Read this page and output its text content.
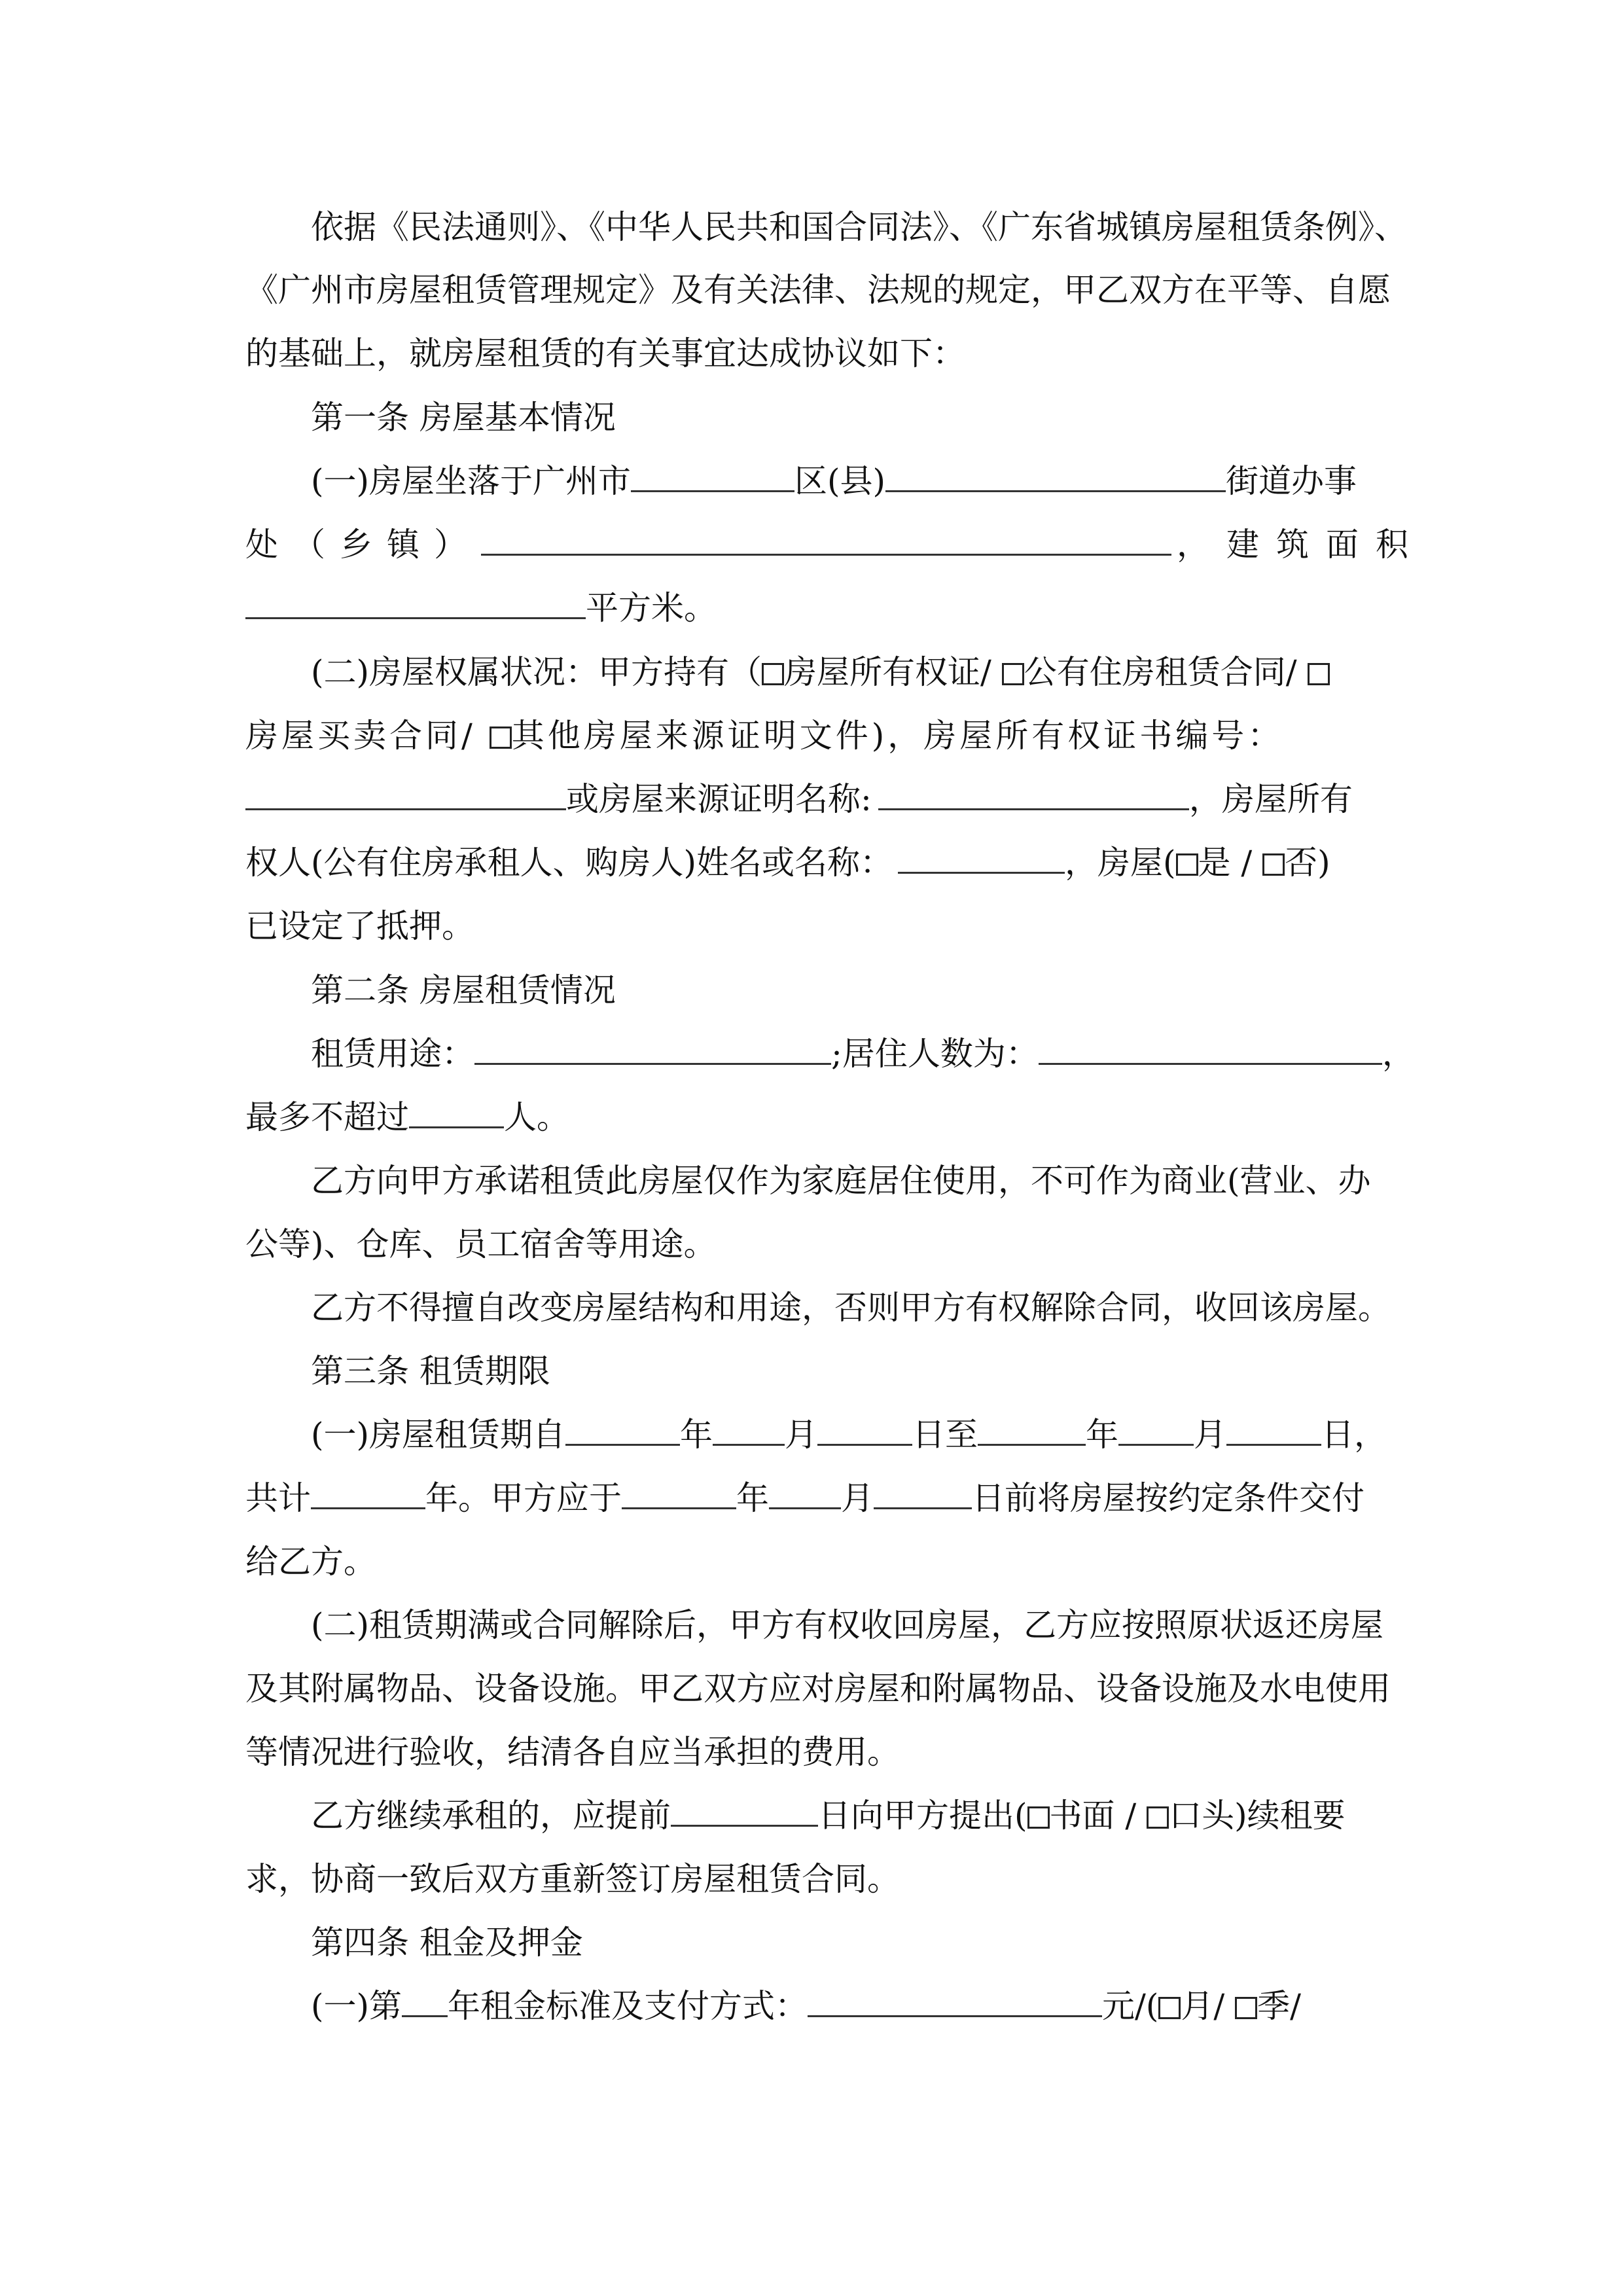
依据《民法通则》、《中华人民共和国合同法》、《广东省城镇房屋租赁条例》、

《广州市房屋租赁管理规定》及有关法律、法规的规定，甲乙双方在平等、自愿

的基础上，就房屋租赁的有关事宜达成协议如下：

第一条 房屋基本情况

(一)房屋坐落于广州市	区(县)	街道办事

处（乡镇）	，建筑面积

平方米。

(二)房屋权属状况：甲方持有（ 房屋所有权证/ 公有住房租赁合同/

房屋买卖合同/ 其他房屋来源证明文件)，房屋所有权证书编号：

或房屋来源证明名称:	，房屋所有

权人(公有住房承租人、购房人)姓名或名称：	，房屋( 是 / 否)

已设定了抵押。

第二条 房屋租赁情况

租赁用途：	;居住人数为：	，

最多不超过	人。

乙方向甲方承诺租赁此房屋仅作为家庭居住使用，不可作为商业(营业、办

公等)、仓库、员工宿舍等用途。

乙方不得擅自改变房屋结构和用途，否则甲方有权解除合同，收回该房屋。

第三条 租赁期限

(一)房屋租赁期自	年 月	日至	年 月	日，

共计	年。甲方应于	年 月	日前将房屋按约定条件交付

给乙方。

(二)租赁期满或合同解除后，甲方有权收回房屋，乙方应按照原状返还房屋

及其附属物品、设备设施。甲乙双方应对房屋和附属物品、设备设施及水电使用

等情况进行验收，结清各自应当承担的费用。

乙方继续承租的，应提前	日向甲方提出( 书面 / 口头)续租要

求，协商一致后双方重新签订房屋租赁合同。

第四条 租金及押金

(一)第 年租金标准及支付方式：	元/( 月/ 季/
